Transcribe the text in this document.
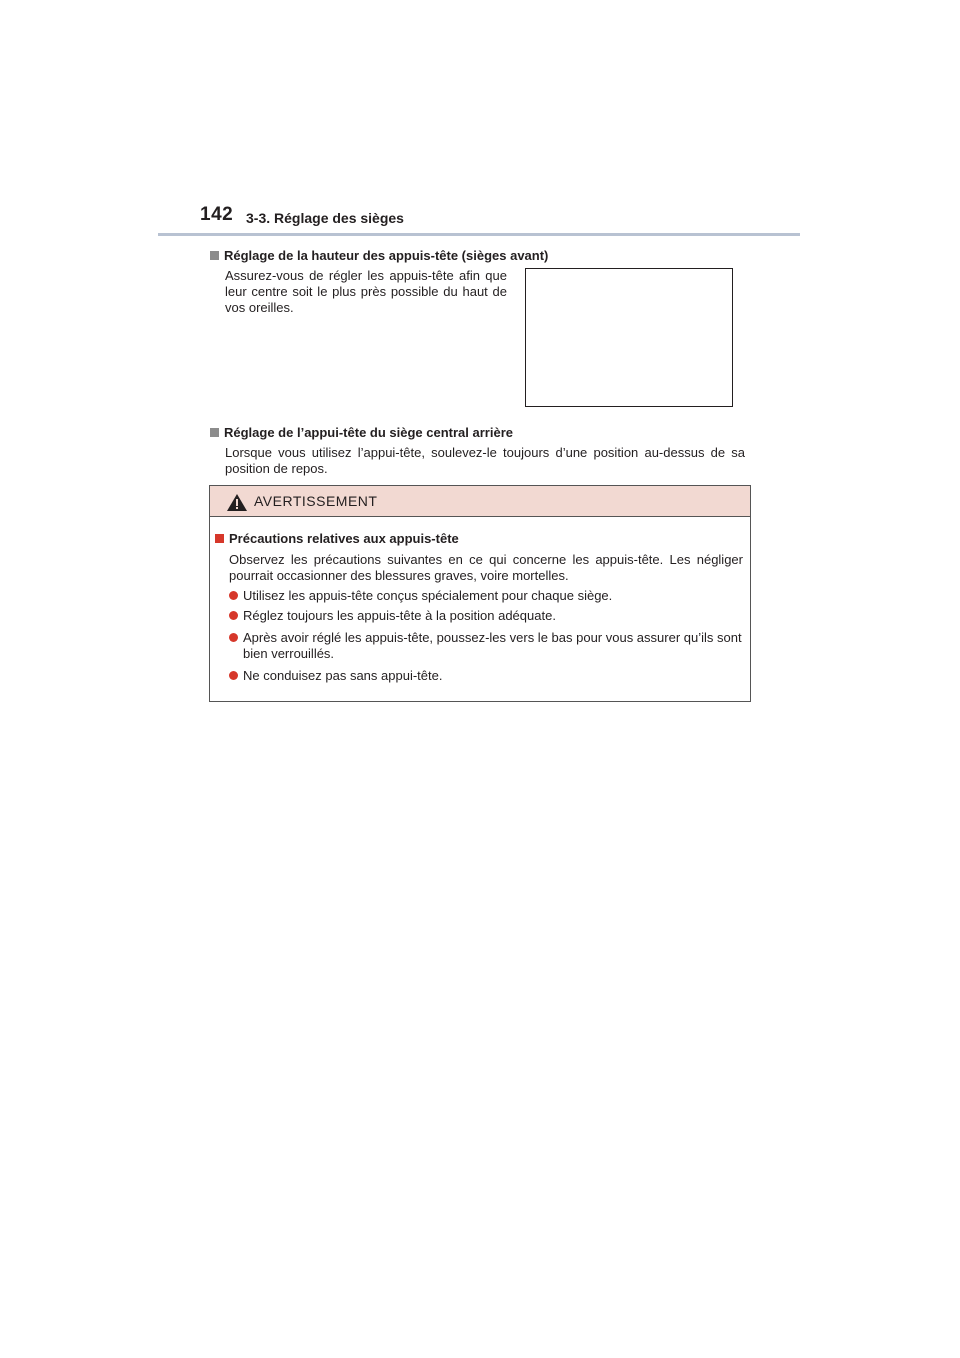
142 3-3. Réglage des sièges
Réglage de la hauteur des appuis-tête (sièges avant)
Assurez-vous de régler les appuis-tête afin que leur centre soit le plus près possible du haut de vos oreilles.
Réglage de l’appui-tête du siège central arrière
Lorsque vous utilisez l’appui-tête, soulevez-le toujours d’une position au-dessus de sa position de repos.
AVERTISSEMENT
Précautions relatives aux appuis-tête
Observez les précautions suivantes en ce qui concerne les appuis-tête. Les négliger pourrait occasionner des blessures graves, voire mortelles.
Utilisez les appuis-tête conçus spécialement pour chaque siège.
Réglez toujours les appuis-tête à la position adéquate.
Après avoir réglé les appuis-tête, poussez-les vers le bas pour vous assurer qu’ils sont bien verrouillés.
Ne conduisez pas sans appui-tête.
